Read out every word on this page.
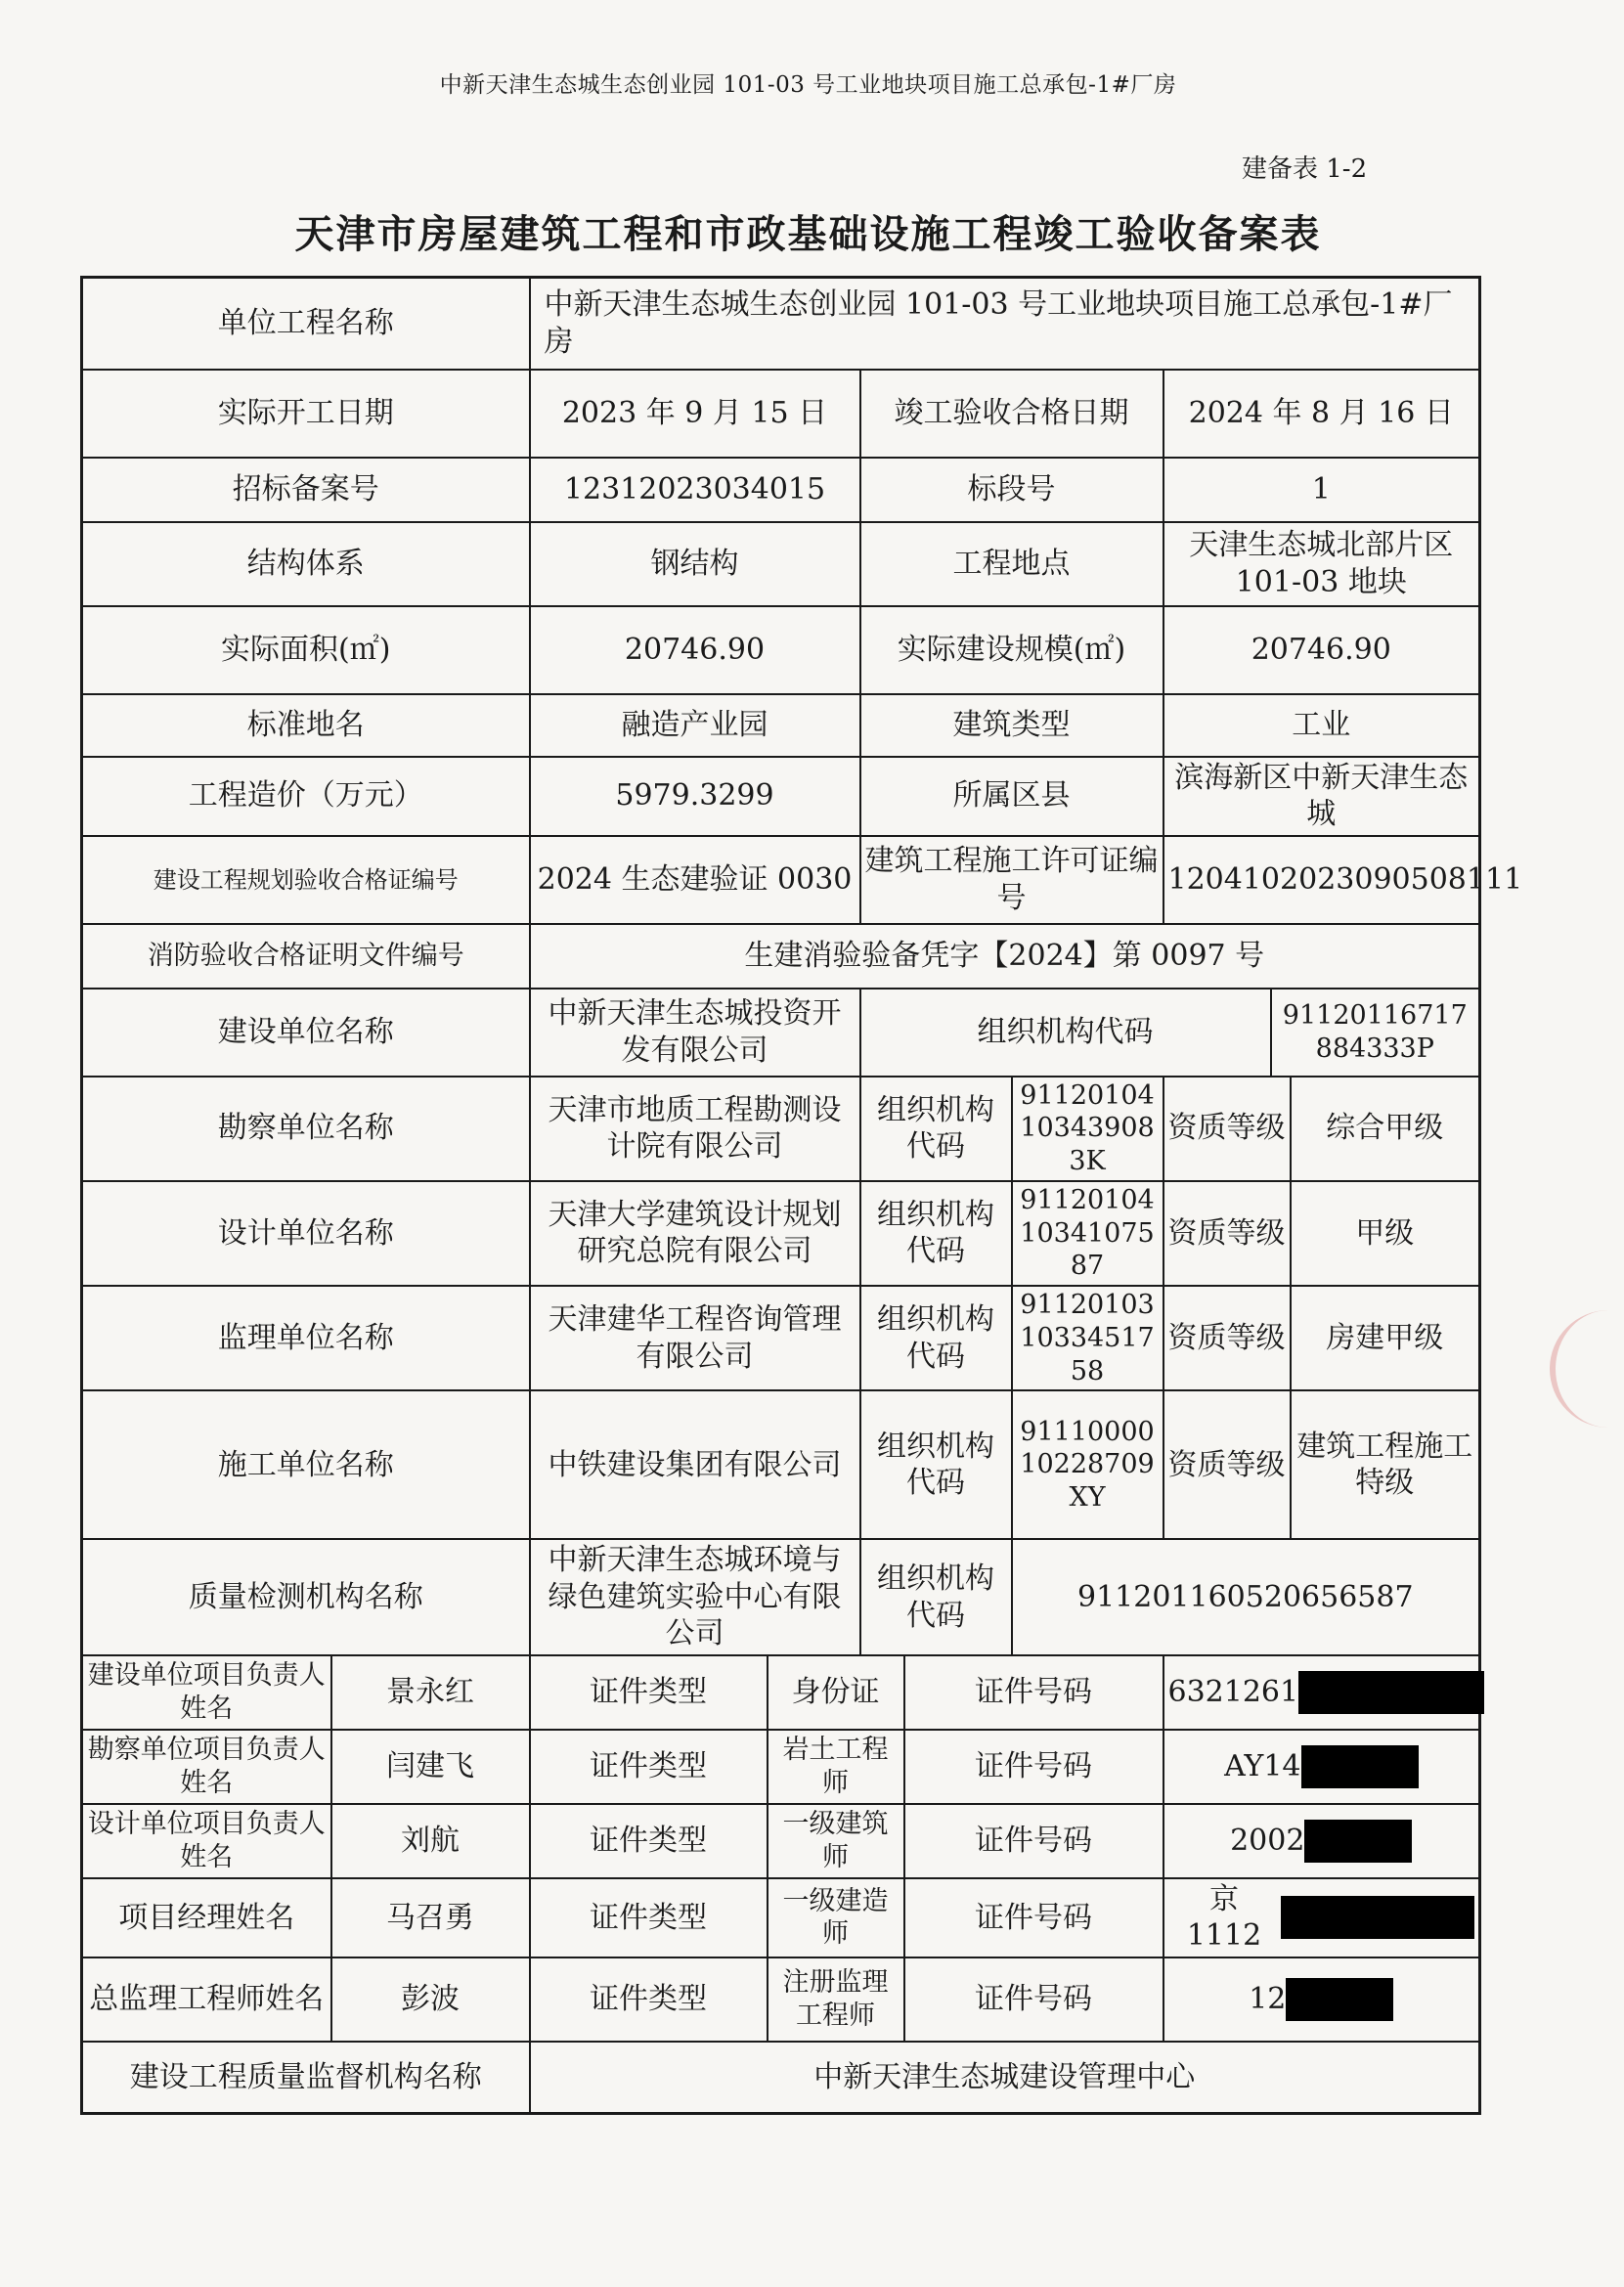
中新天津生态城生态创业园 101-03 号工业地块项目施工总承包-1#厂房
建备表 1-2
天津市房屋建筑工程和市政基础设施工程竣工验收备案表
单位工程名称		中新天津生态城生态创业园 101-03 号工业地块项目施工总承包-1#厂房							
实际开工日期		2023 年 9 月 15 日		竣工验收合格日期			2024 年 8 月 16 日		
招标备案号		12312023034015		标段号			1		
结构体系		钢结构		工程地点			天津生态城北部片区 101-03 地块		
实际面积(㎡)		20746.90		实际建设规模(㎡)			20746.90		
标准地名		融造产业园		建筑类型			工业		
工程造价（万元）		5979.3299		所属区县			滨海新区中新天津生态城		
建设工程规划验收合格证编号		2024 生态建验证 0030		建筑工程施工许可证编号			1204102023090508111		
消防验收合格证明文件编号		生建消验验备凭字【2024】第 0097 号							
建设单位名称		中新天津生态城投资开发有限公司		组织机构代码				91120116717884333P	
勘察单位名称		天津市地质工程勘测设计院有限公司		组织机构代码		91120104103439083K	资质等级		综合甲级
设计单位名称		天津大学建筑设计规划研究总院有限公司		组织机构代码		911201041034107587	资质等级		甲级
监理单位名称		天津建华工程咨询管理有限公司		组织机构代码		911201031033451758	资质等级		房建甲级
施工单位名称		中铁建设集团有限公司		组织机构代码		9111000010228709XY	资质等级		建筑工程施工特级
质量检测机构名称		中新天津生态城环境与绿色建筑实验中心有限公司		组织机构代码		911201160520656587			
建设单位项目负责人姓名	景永红	证件类型	身份证		证件号码		6321261		

勘察单位项目负责人姓名	闫建飞	证件类型	岩土工程师		证件号码		AY14		

设计单位项目负责人姓名	刘航	证件类型	一级建筑师		证件号码		2002		

项目经理姓名	马召勇	证件类型	一级建造师		证件号码		京 1112		

总监理工程师姓名	彭波	证件类型	注册监理工程师		证件号码		12		

建设工程质量监督机构名称		中新天津生态城建设管理中心							
